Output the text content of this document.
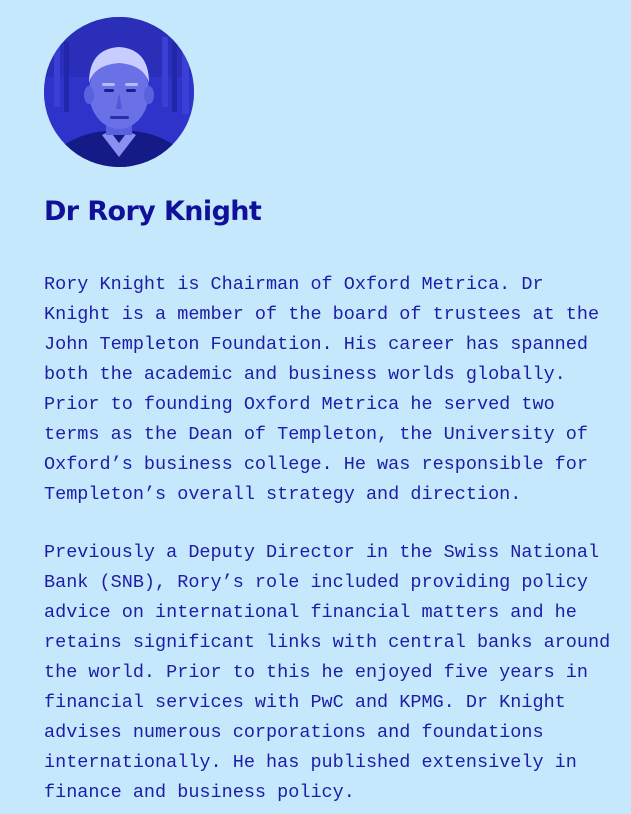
Dr Rory Knight

Rory Knight is Chairman of Oxford Metrica. Dr
Knight is a member of the board of trustees at the
John Templeton Foundation. His career has spanned
both the academic and business worlds globally.
Prior to founding Oxford Metrica he served two
terms as the Dean of Templeton, the University of
Oxford’s business college. He was responsible for
Templeton’s overall strategy and direction.

Previously a Deputy Director in the Swiss National
Bank (SNB), Rory’s role included providing policy
advice on international financial matters and he
retains significant links with central banks around
the world. Prior to this he enjoyed five years in
financial services with PwC and KPMG. Dr Knight
advises numerous corporations and foundations
internationally. He has published extensively in
finance and business policy.
